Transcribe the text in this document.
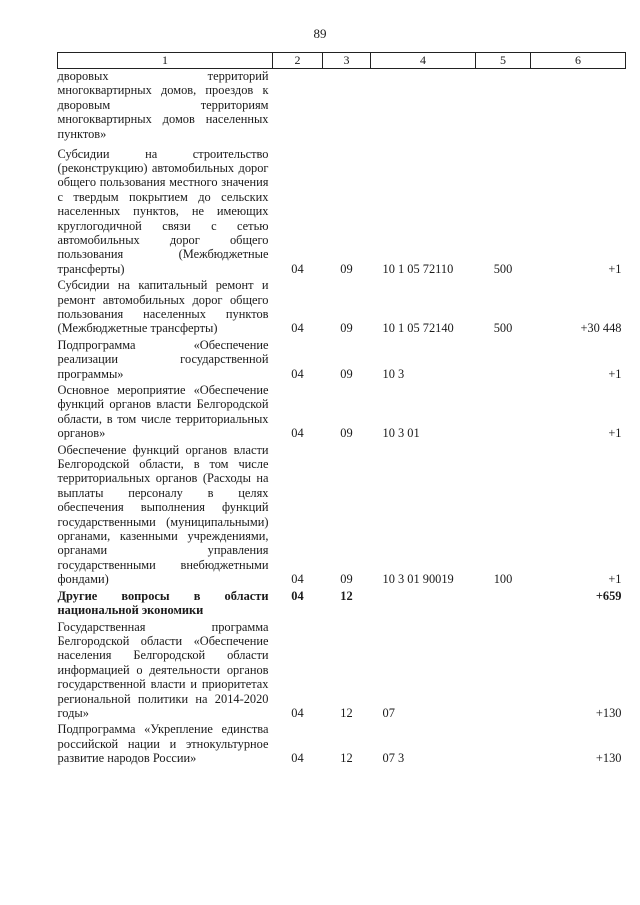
89
1	2	3	4	5	6
дворовых территорий многоквартирных домов, проездов к дворовым территориям многоквартирных домов населенных пунктов»					
Субсидии на строительство (реконструкцию) автомобильных дорог общего пользования местного значения с твердым покрытием до сельских населенных пунктов, не имеющих круглогодичной связи с сетью автомобильных дорог общего пользования (Межбюджетные трансферты)	04	09	10 1 05 72110	500	+1
Субсидии на капитальный ремонт и ремонт автомобильных дорог общего пользования населенных пунктов (Межбюджетные трансферты)	04	09	10 1 05 72140	500	+30 448
Подпрограмма «Обеспечение реализации государственной программы»	04	09	10 3		+1
Основное мероприятие «Обеспечение функций органов власти Белгородской области, в том числе территориальных органов»	04	09	10 3 01		+1
Обеспечение функций органов власти Белгородской области, в том числе территориальных органов (Расходы на выплаты персоналу в целях обеспечения выполнения функций государственными (муниципальными) органами, казенными учреждениями, органами управления государственными внебюджетными фондами)	04	09	10 3 01 90019	100	+1
Другие вопросы в области национальной экономики	04	12			+659
Государственная программа Белгородской области «Обеспечение населения Белгородской области информацией о деятельности органов государственной власти и приоритетах региональной политики на 2014-2020 годы»	04	12	07		+130
Подпрограмма «Укрепление единства российской нации и этнокультурное развитие народов России»	04	12	07 3		+130
